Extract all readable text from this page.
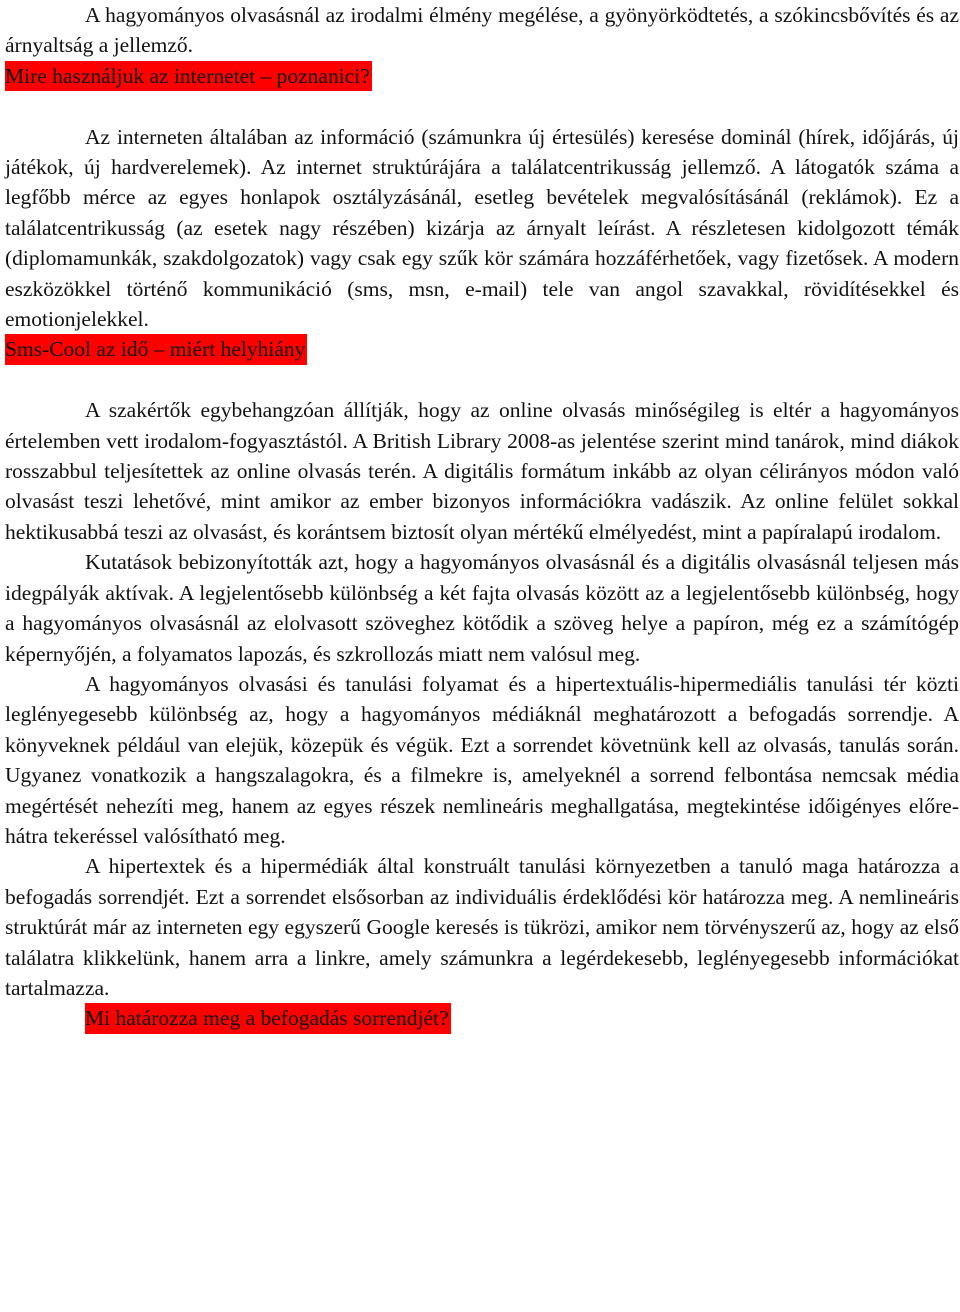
A hagyományos olvasásnál az irodalmi élmény megélése, a gyönyörködtetés, a szókincsbővítés és az árnyaltság a jellemző.

Mire használjuk az internetet – poznanici?

Az interneten általában az információ (számunkra új értesülés) keresése dominál (hírek, időjárás, új játékok, új hardverelemek). Az internet struktúrájára a találatcentrikusság jellemző. A látogatók száma a legfőbb mérce az egyes honlapok osztályzásánál, esetleg bevételek megvalósításánál (reklámok). Ez a találatcentrikusság (az esetek nagy részében) kizárja az árnyalt leírást. A részletesen kidolgozott témák (diplomamunkák, szakdolgozatok) vagy csak egy szűk kör számára hozzáférhetőek, vagy fizetősek. A modern eszközökkel történő kommunikáció (sms, msn, e-mail) tele van angol szavakkal, rövidítésekkel és emotionjelekkel.

Sms-Cool az idő – miért helyhiány

A szakértők egybehangzóan állítják, hogy az online olvasás minőségileg is eltér a hagyományos értelemben vett irodalom-fogyasztástól. A British Library 2008-as jelentése szerint mind tanárok, mind diákok rosszabbul teljesítettek az online olvasás terén. A digitális formátum inkább az olyan célirányos módon való olvasást teszi lehetővé, mint amikor az ember bizonyos információkra vadászik. Az online felület sokkal hektikusabbá teszi az olvasást, és korántsem biztosít olyan mértékű elmélyedést, mint a papíralapú irodalom.

Kutatások bebizonyították azt, hogy a hagyományos olvasásnál és a digitális olvasásnál teljesen más idegpályák aktívak. A legjelentősebb különbség a két fajta olvasás között az a legjelentősebb különbség, hogy a hagyományos olvasásnál az elolvasott szöveghez kötődik a szöveg helye a papíron, még ez a számítógép képernyőjén, a folyamatos lapozás, és szkrollozás miatt nem valósul meg.

A hagyományos olvasási és tanulási folyamat és a hipertextuális-hipermediális tanulási tér közti leglényegesebb különbség az, hogy a hagyományos médiáknál meghatározott a befogadás sorrendje. A könyveknek például van elejük, közepük és végük. Ezt a sorrendet követnünk kell az olvasás, tanulás során. Ugyanez vonatkozik a hangszalagokra, és a filmekre is, amelyeknél a sorrend felbontása nemcsak média megértését nehezíti meg, hanem az egyes részek nemlineáris meghallgatása, megtekintése időigényes előre-hátra tekeréssel valósítható meg.

A hipertextek és a hipermédiák által konstruált tanulási környezetben a tanuló maga határozza a befogadás sorrendjét. Ezt a sorrendet elsősorban az individuális érdeklődési kör határozza meg. A nemlineáris struktúrát már az interneten egy egyszerű Google keresés is tükrözi, amikor nem törvényszerű az, hogy az első találatra klikkelünk, hanem arra a linkre, amely számunkra a legérdekesebb, leglényegesebb információkat tartalmazza.

Mi határozza meg a befogadás sorrendjét?
